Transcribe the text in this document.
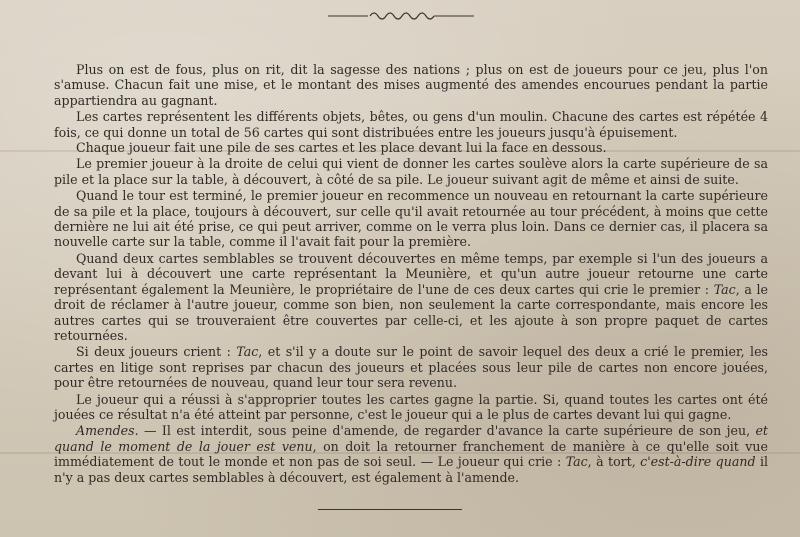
Plus on est de fous, plus on rit, dit la sagesse des nations ; plus on est de joueurs pour ce jeu, plus l'on s'amuse. Chacun fait une mise, et le montant des mises augmenté des amendes encourues pendant la partie appartiendra au gagnant.

Les cartes représentent les différents objets, bêtes, ou gens d'un moulin. Chacune des cartes est répétée 4 fois, ce qui donne un total de 56 cartes qui sont distribuées entre les joueurs jusqu'à épuisement.

Chaque joueur fait une pile de ses cartes et les place devant lui la face en dessous.

Le premier joueur à la droite de celui qui vient de donner les cartes soulève alors la carte supérieure de sa pile et la place sur la table, à découvert, à côté de sa pile. Le joueur suivant agit de même et ainsi de suite.

Quand le tour est terminé, le premier joueur en recommence un nouveau en retournant la carte supérieure de sa pile et la place, toujours à découvert, sur celle qu'il avait retournée au tour précédent, à moins que cette dernière ne lui ait été prise, ce qui peut arriver, comme on le verra plus loin. Dans ce dernier cas, il placera sa nouvelle carte sur la table, comme il l'avait fait pour la première.

Quand deux cartes semblables se trouvent découvertes en même temps, par exemple si l'un des joueurs a devant lui à découvert une carte représentant la Meunière, et qu'un autre joueur retourne une carte représentant également la Meunière, le propriétaire de l'une de ces deux cartes qui crie le premier : Tac, a le droit de réclamer à l'autre joueur, comme son bien, non seulement la carte correspondante, mais encore les autres cartes qui se trouveraient être couvertes par celle-ci, et les ajoute à son propre paquet de cartes retournées.

Si deux joueurs crient : Tac, et s'il y a doute sur le point de savoir lequel des deux a crié le premier, les cartes en litige sont reprises par chacun des joueurs et placées sous leur pile de cartes non encore jouées, pour être retournées de nouveau, quand leur tour sera revenu.

Le joueur qui a réussi à s'approprier toutes les cartes gagne la partie. Si, quand toutes les cartes ont été jouées ce résultat n'a été atteint par personne, c'est le joueur qui a le plus de cartes devant lui qui gagne.

Amendes. — Il est interdit, sous peine d'amende, de regarder d'avance la carte supérieure de son jeu, et quand le moment de la jouer est venu, on doit la retourner franchement de manière à ce qu'elle soit vue immédiatement de tout le monde et non pas de soi seul. — Le joueur qui crie : Tac, à tort, c'est-à-dire quand il n'y a pas deux cartes semblables à découvert, est également à l'amende.
